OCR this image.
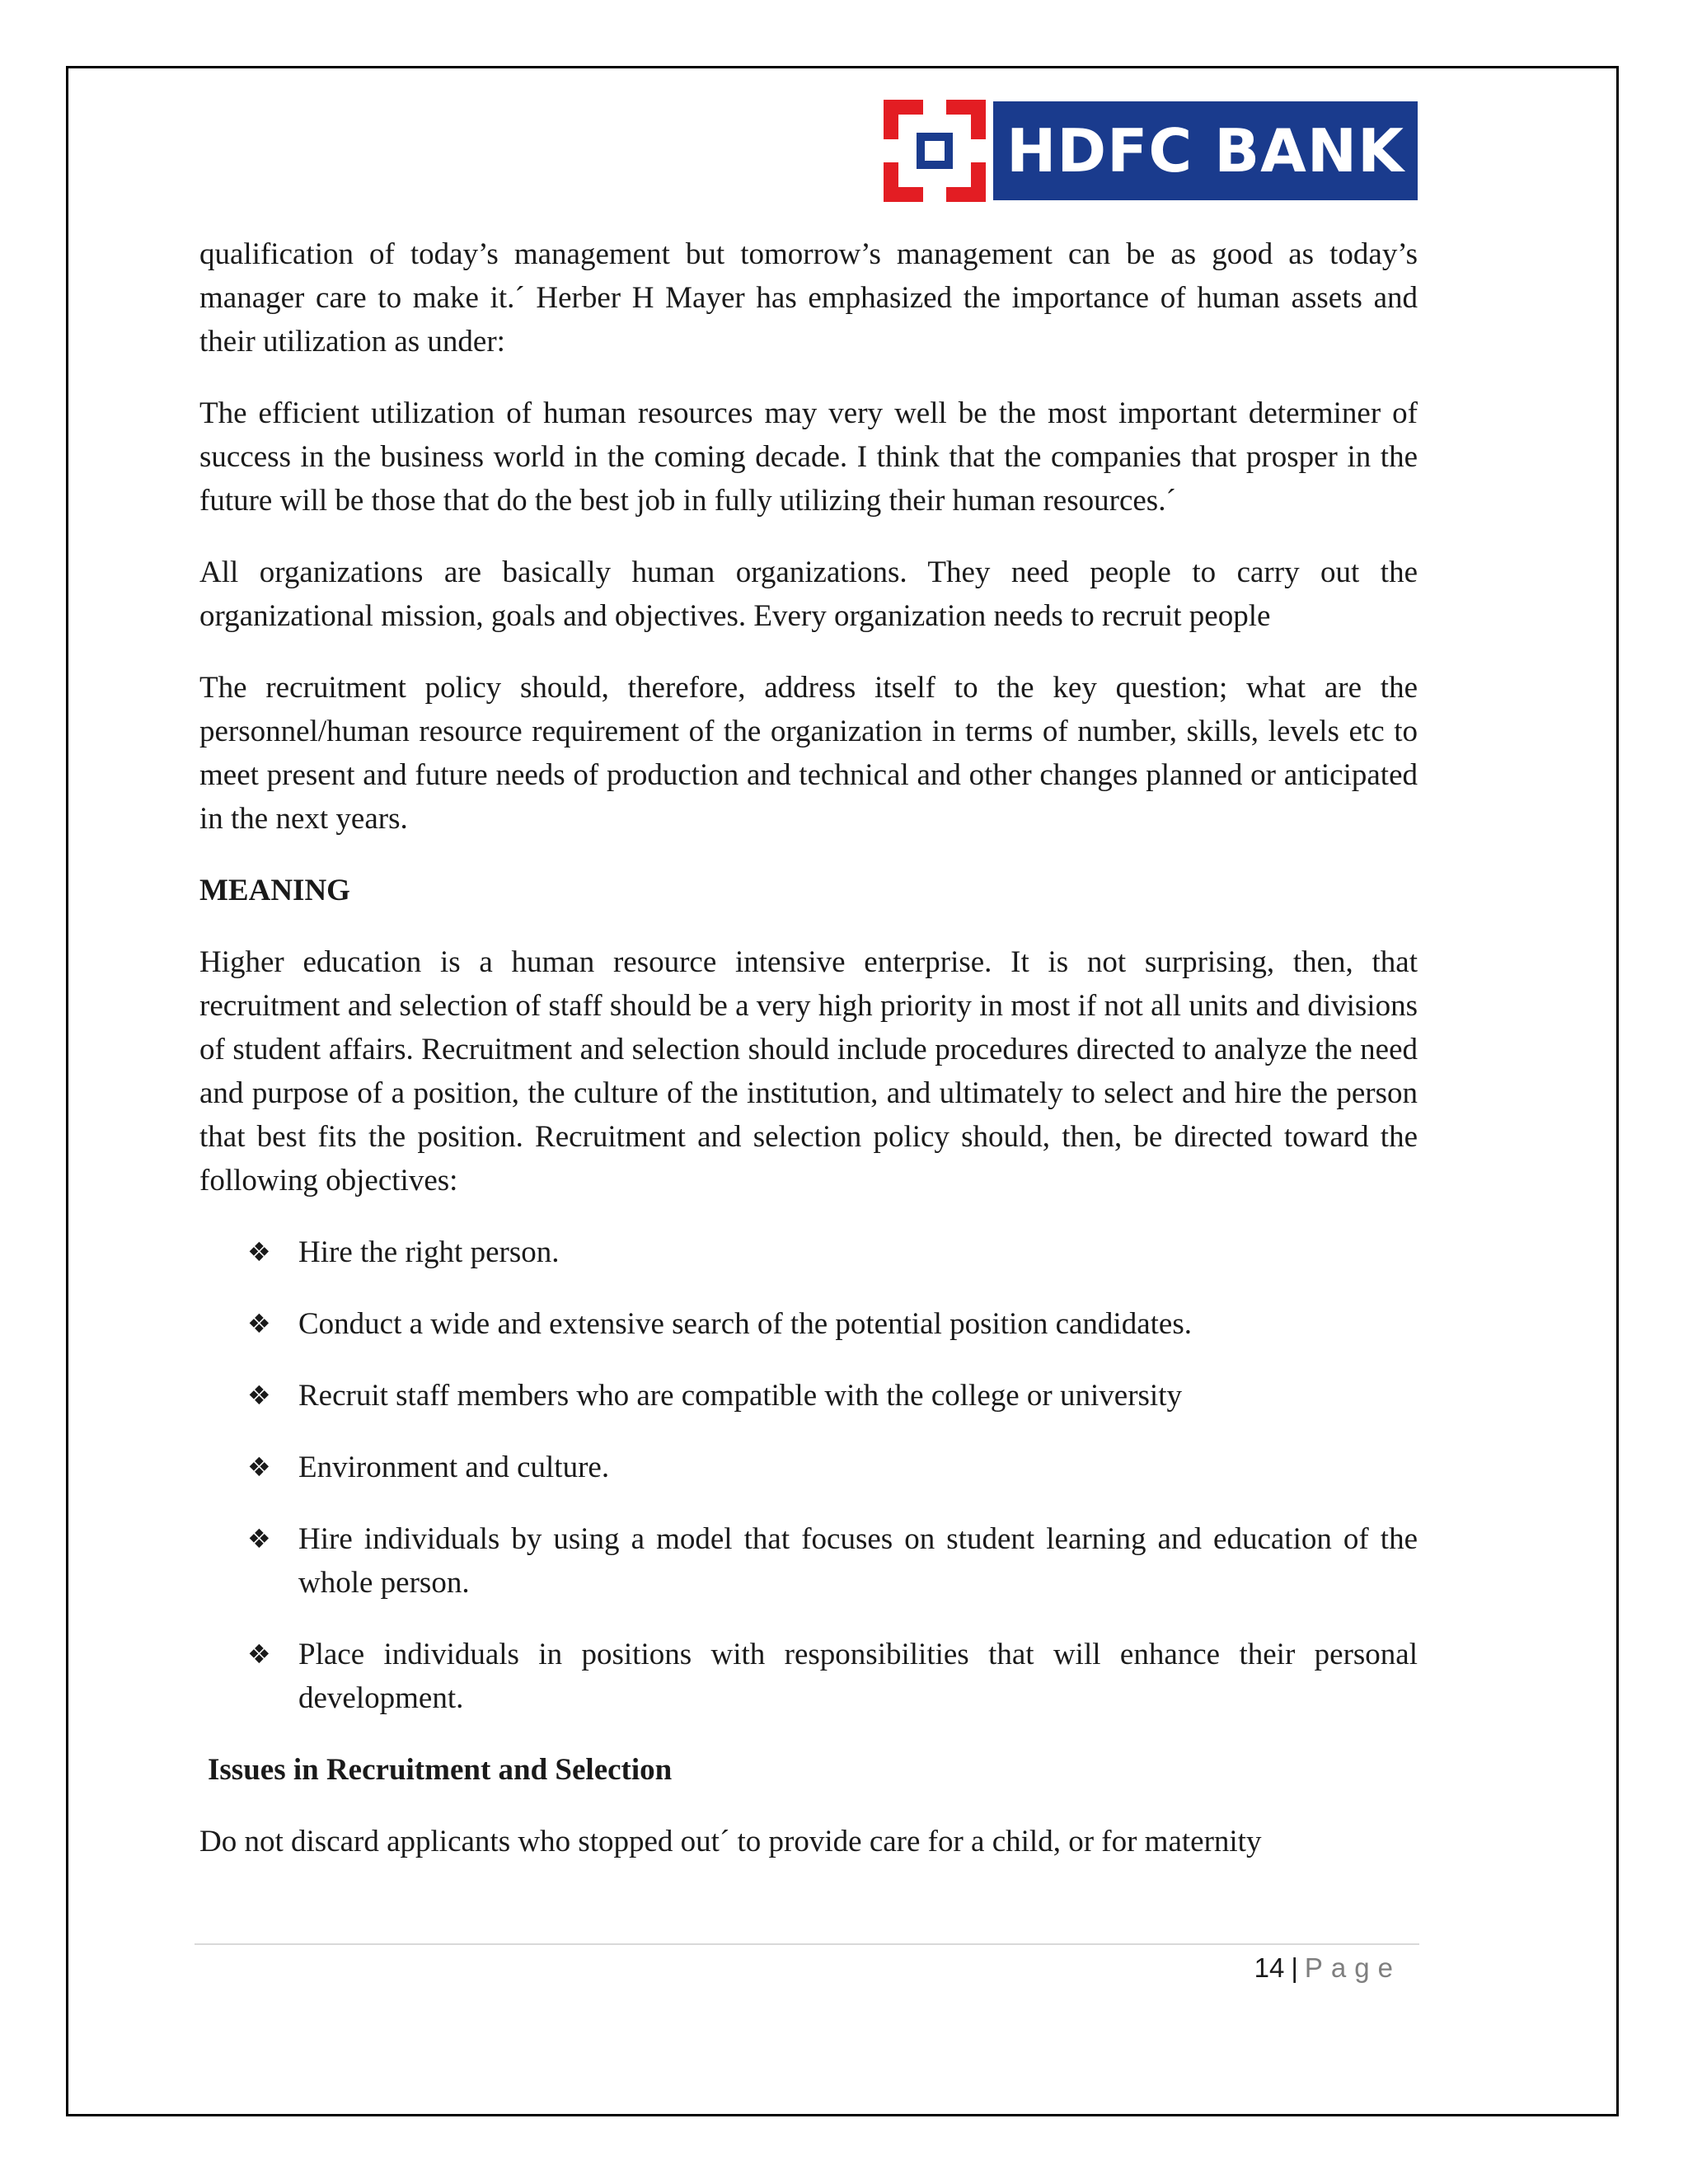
HDFC BANK

qualification of today’s management but tomorrow’s management can be as good as today’s manager care to make it.´ Herber H Mayer has emphasized the importance of human assets and their utilization as under:

The efficient utilization of human resources may very well be the most important determiner of success in the business world in the coming decade. I think that the companies that prosper in the future will be those that do the best job in fully utilizing their human resources.´

All organizations are basically human organizations. They need people to carry out the organizational mission, goals and objectives. Every organization needs to recruit people

The recruitment policy should, therefore, address itself to the key question; what are the personnel/human resource requirement of the organization in terms of number, skills, levels etc to meet present and future needs of production and technical and other changes planned or anticipated in the next years.

MEANING

Higher education is a human resource intensive enterprise. It is not surprising, then, that recruitment and selection of staff should be a very high priority in most if not all units and divisions of student affairs. Recruitment and selection should include procedures directed to analyze the need and purpose of a position, the culture of the institution, and ultimately to select and hire the person that best fits the position. Recruitment and selection policy should, then, be directed toward the following objectives:

❖ Hire the right person.
❖ Conduct a wide and extensive search of the potential position candidates.
❖ Recruit staff members who are compatible with the college or university
❖ Environment and culture.
❖ Hire individuals by using a model that focuses on student learning and education of the whole person.
❖ Place individuals in positions with responsibilities that will enhance their personal development.
Issues in Recruitment and Selection

Do not discard applicants who stopped out´ to provide care for a child, or for maternity

14 | Page
